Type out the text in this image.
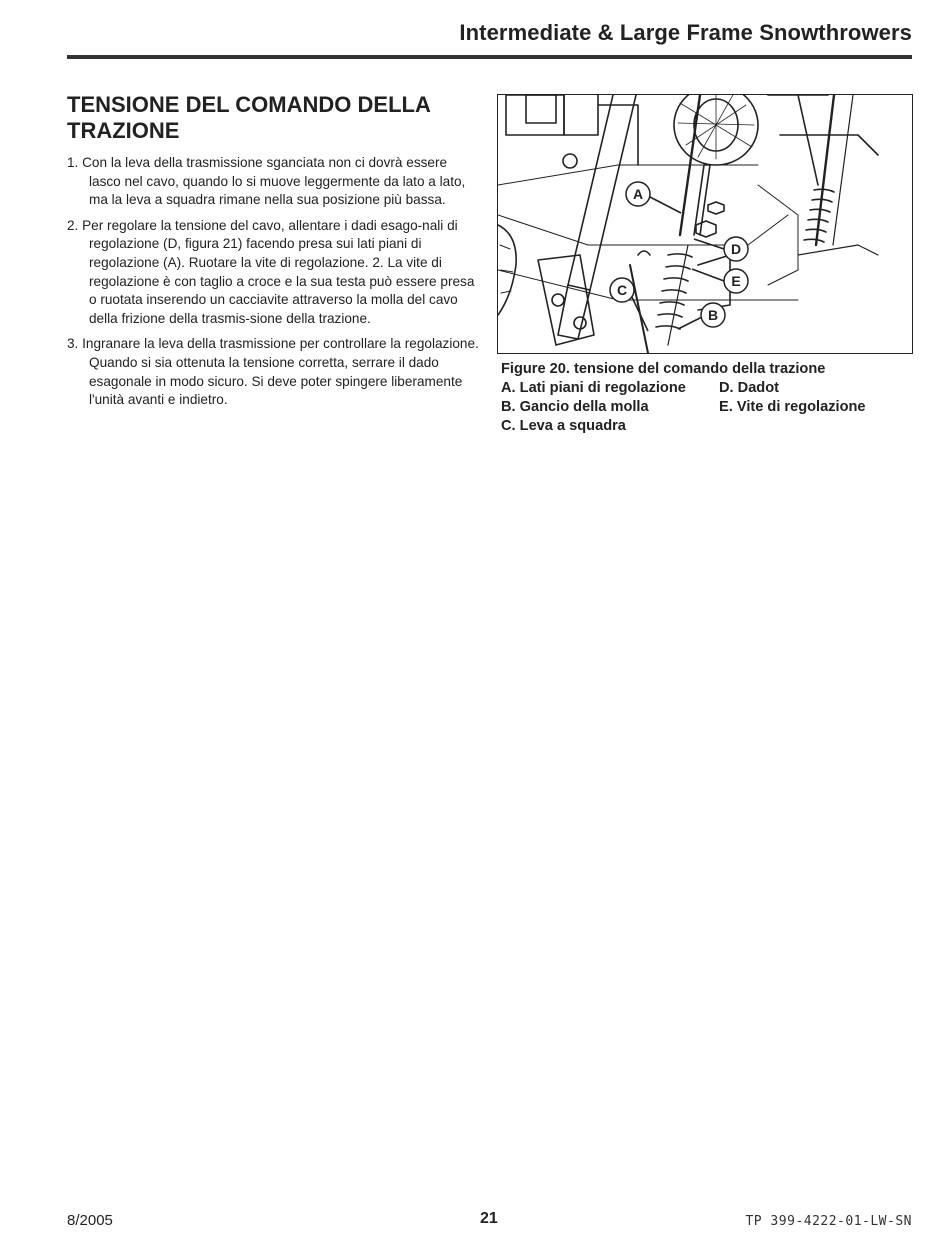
Intermediate & Large Frame Snowthrowers
TENSIONE DEL COMANDO DELLA TRAZIONE
1. Con la leva della trasmissione sganciata non ci dovrà essere lasco nel cavo, quando lo si muove leggermente da lato a lato, ma la leva a squadra rimane nella sua posizione più bassa.
2. Per regolare la tensione del cavo, allentare i dadi esago-nali di regolazione (D, figura 21) facendo presa sui lati piani di regolazione (A). Ruotare la vite di regolazione. 2. La vite di regolazione è con taglio a croce e la sua testa può essere presa o ruotata inserendo un cacciavite attraverso la molla del cavo della frizione della trasmis-sione della trazione.
3. Ingranare la leva della trasmissione per controllare la regolazione. Quando si sia ottenuta la tensione corretta, serrare il dado esagonale in modo sicuro. Si deve poter spingere liberamente l'unità avanti e indietro.
A
D
E
B
C
Figure 20. tensione del comando della trazione
A. Lati piani di regolazione D. Dadot
B. Gancio della molla	E. Vite di regolazione
C. Leva a squadra
8/2005	21	TP 399-4222-01-LW-SN
